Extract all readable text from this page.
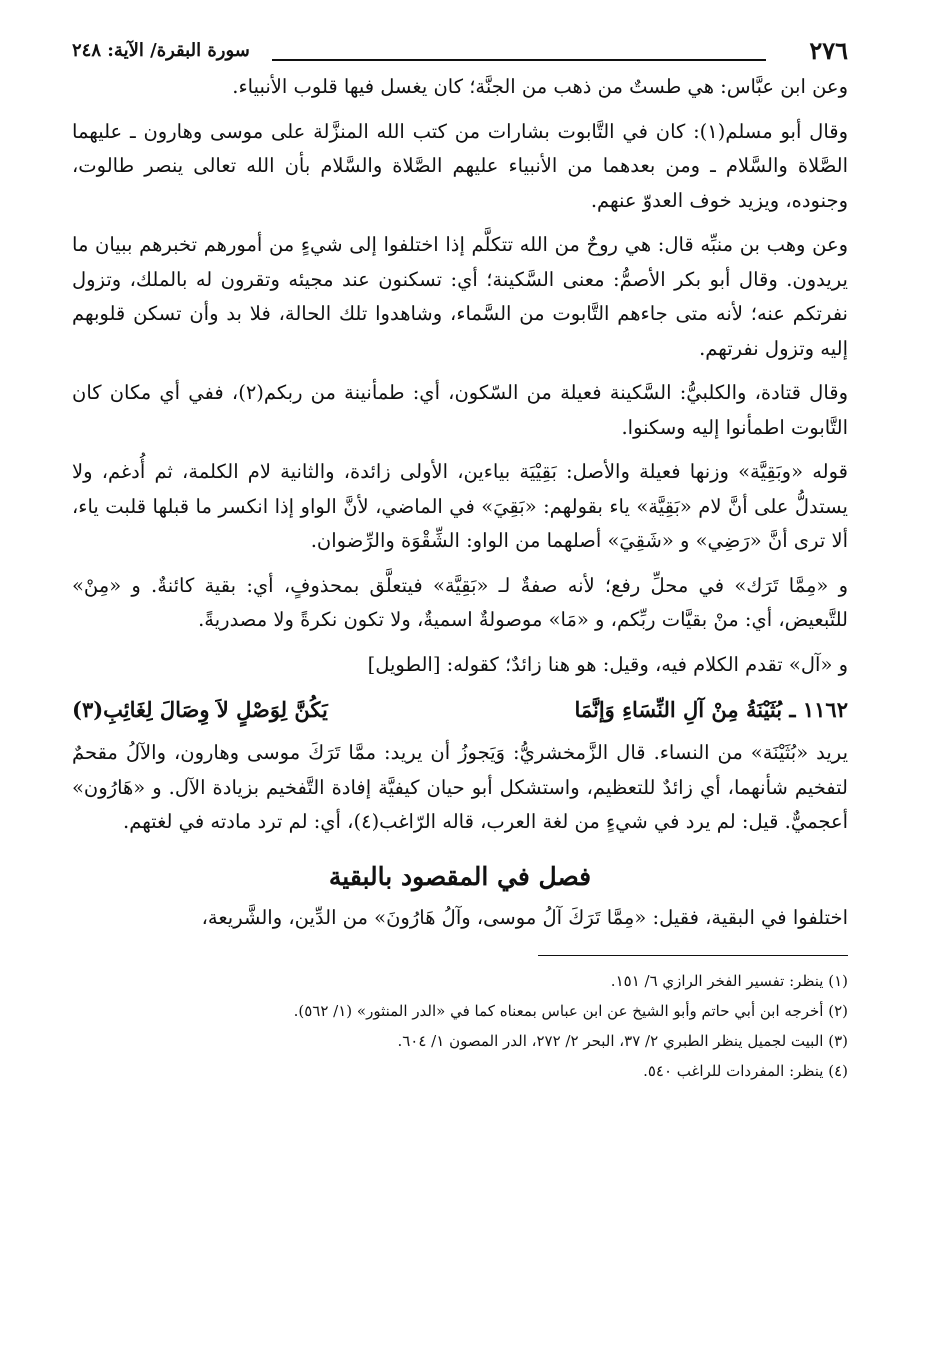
٢٧٦
سورة البقرة/ الآية: ٢٤٨

وعن ابن عبَّاس: هي طستٌ من ذهب من الجنَّة؛ كان يغسل فيها قلوب الأنبياء.

وقال أبو مسلم(١): كان في التَّابوت بشارات من كتب الله المنزَّلة على موسى وهارون ـ عليهما الصَّلاة والسَّلام ـ ومن بعدهما من الأنبياء عليهم الصَّلاة والسَّلام بأن الله تعالى ينصر طالوت، وجنوده، ويزيد خوف العدوّ عنهم.

وعن وهب بن منبِّه قال: هي روحٌ من الله تتكلَّم إذا اختلفوا إلى شيءٍ من أمورهم تخبرهم ببيان ما يريدون. وقال أبو بكر الأصمُّ: معنى السَّكينة؛ أي: تسكنون عند مجيئه وتقرون له بالملك، وتزول نفرتكم عنه؛ لأنه متى جاءهم التَّابوت من السَّماء، وشاهدوا تلك الحالة، فلا بد وأن تسكن قلوبهم إليه وتزول نفرتهم.

وقال قتادة، والكلبيُّ: السَّكينة فعيلة من السّكون، أي: طمأنينة من ربكم(٢)، ففي أي مكان كان التَّابوت اطمأنوا إليه وسكنوا.

قوله «وبَقِيَّة» وزنها فعيلة والأصل: بَقِيْيَة بياءين، الأولى زائدة، والثانية لام الكلمة، ثم أُدغم، ولا يستدلُّ على أنَّ لام «بَقِيَّة» ياء بقولهم: «بَقِيَ» في الماضي، لأنَّ الواو إذا انكسر ما قبلها قلبت ياء، ألا ترى أنَّ «رَضِي» و «شَقِيَ» أصلهما من الواو: الشِّقْوَة والرِّضوان.

و «مِمَّا تَرَك» في محلِّ رفع؛ لأنه صفةٌ لـ «بَقِيَّة» فيتعلَّق بمحذوفٍ، أي: بقية كائنةٌ. و «مِنْ» للتَّبعيض، أي: منْ بقيَّات ربِّكم، و «مَا» موصولةٌ اسميةٌ، ولا تكون نكرةً ولا مصدريةً.

و «آل» تقدم الكلام فيه، وقيل: هو هنا زائدٌ؛ كقوله: [الطويل]

١١٦٢ ـ بُثَيْنَةُ مِنْ آلِ النِّسَاءِ وَإنَّمَا
يَكُنَّ لِوَصْلٍ لاَ وِصَالَ لِغَائِبِ(٣)

يريد «بُثَيْنَة» من النساء. قال الزَّمخشريُّ: وَيَجوزُ أن يريد: ممَّا تَرَكَ موسى وهارون، والآلُ مقحمٌ لتفخيم شأنهما، أي زائدٌ للتعظيم، واستشكل أبو حيان كيفيَّة إفادة التَّفخيم بزيادة الآل. و «هَارُون» أعجميٌّ. قيل: لم يرد في شيءٍ من لغة العرب، قاله الرّاغب(٤)، أي: لم ترد مادته في لغتهم.

فصل في المقصود بالبقية

اختلفوا في البقية، فقيل: «مِمَّا تَرَكَ آلُ موسى، وآلُ هَارُونَ» من الدِّين، والشَّريعة،

(١) ينظر: تفسير الفخر الرازي ٦/ ١٥١.

(٢) أخرجه ابن أبي حاتم وأبو الشيخ عن ابن عباس بمعناه كما في «الدر المنثور» (١/ ٥٦٢).

(٣) البيت لجميل ينظر الطبري ٢/ ٣٧، البحر ٢/ ٢٧٢، الدر المصون ١/ ٦٠٤.

(٤) ينظر: المفردات للراغب ٥٤٠.
